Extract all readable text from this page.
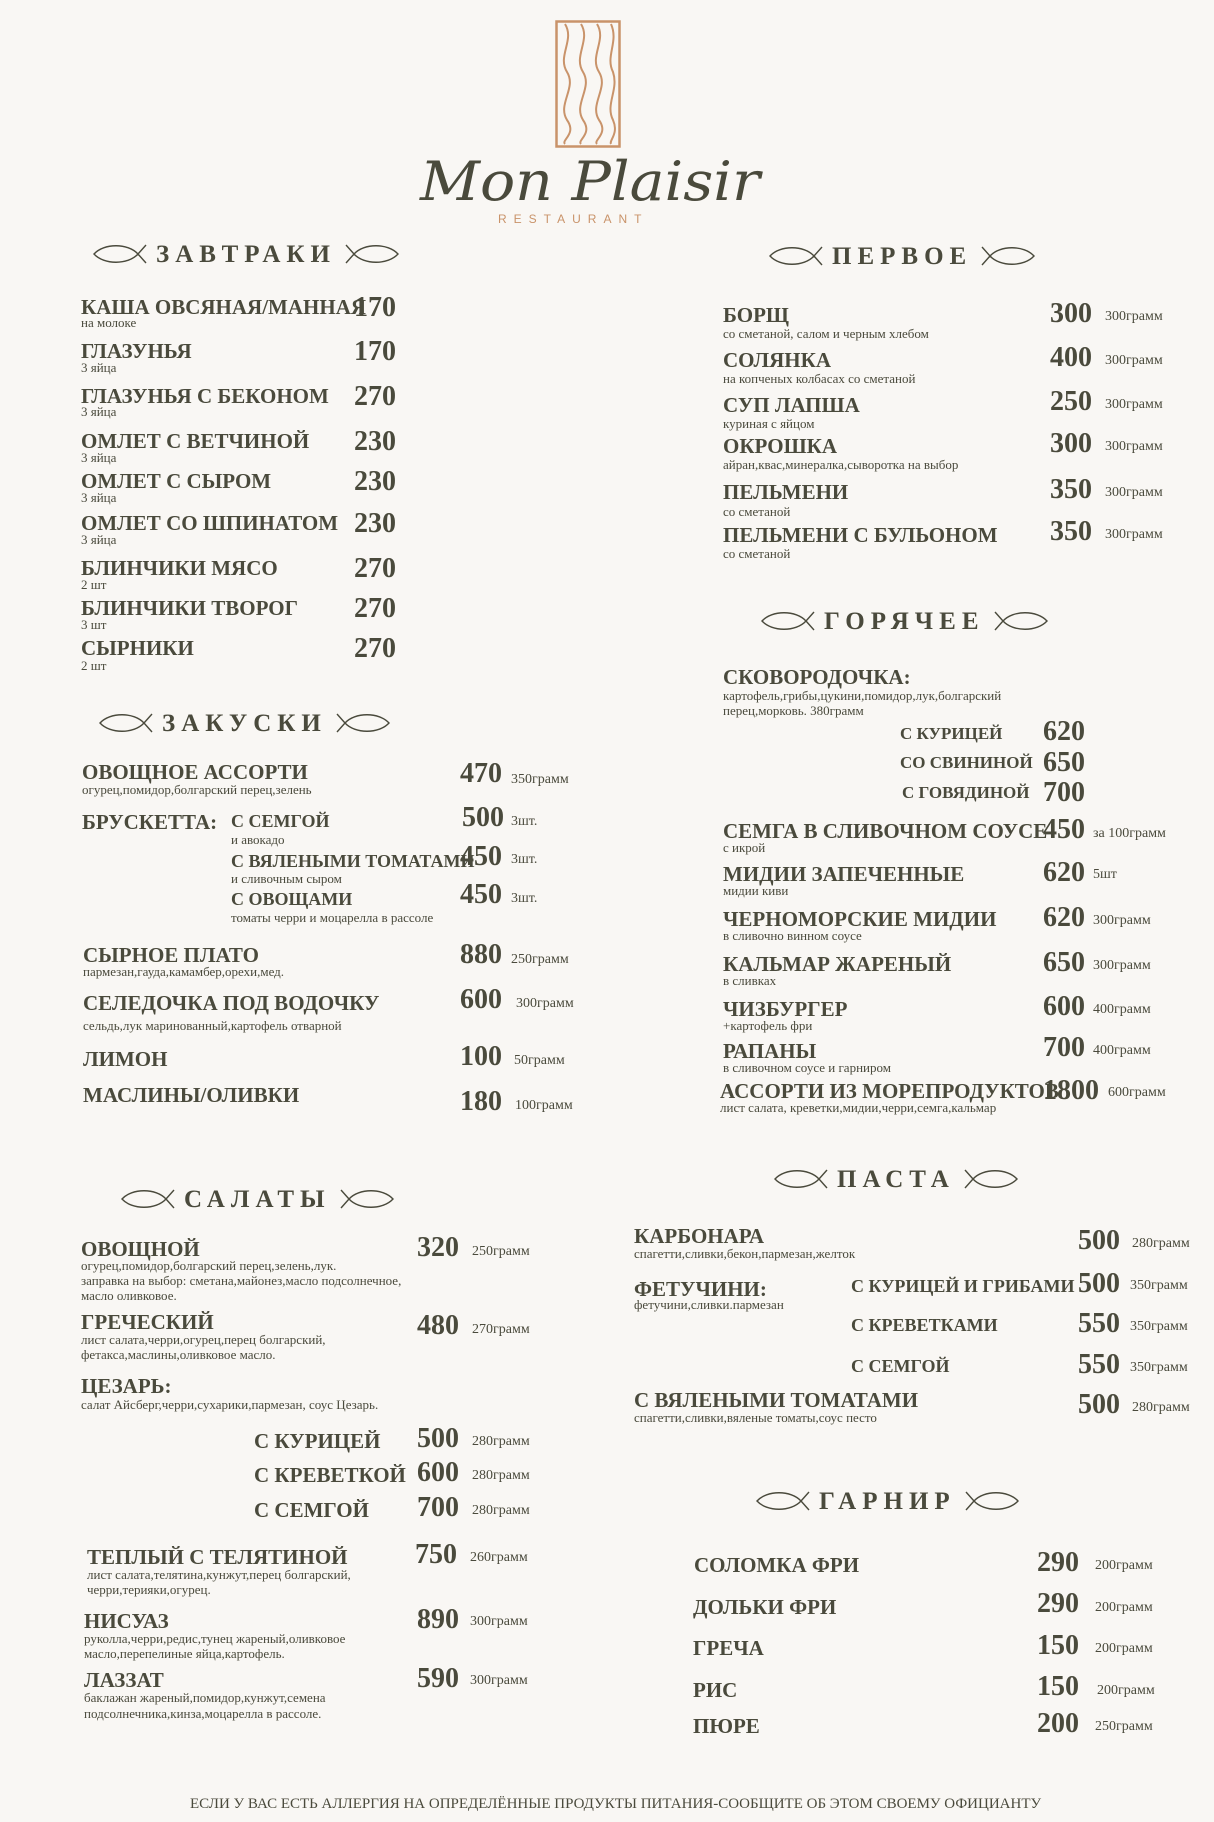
Mon Plaisir
RESTAURANT
ЗАВТРАКИ
ЗАКУСКИ
САЛАТЫ
ПЕРВОЕ
ГОРЯЧЕЕ
ПАСТА
ГАРНИР
КАША ОВСЯНАЯ/МАННАЯ
на молоке	170
ГЛАЗУНЬЯ
3 яйца
170
ГЛАЗУНЬЯ С БЕКОНОМ
3 яйца	270
ОМЛЕТ С ВЕТЧИНОЙ
3 яйца
230
ОМЛЕТ С СЫРОМ
3 яйца
230
ОМЛЕТ СО ШПИНАТОМ
3 яйца
230
БЛИНЧИКИ МЯСО
2 шт
270
БЛИНЧИКИ ТВОРОГ
3 шт
270
СЫРНИКИ
2 шт
270
ОВОЩНОЕ АССОРТИ
огурец,помидор,болгарский перец,зелень
470 350грамм
БРУСКЕТТА: С СЕМГОЙ
и авокадо
500 3шт.
С ВЯЛЕНЫМИ ТОМАТАМИ
и сливочным сыром
450 3шт.
С ОВОЩАМИ
томаты черри и моцарелла в рассоле
450 3шт.
СЫРНОЕ ПЛАТО
пармезан,гауда,камамбер,орехи,мед.
880 250грамм
СЕЛЕДОЧКА ПОД ВОДОЧКУ
сельдь,лук маринованный,картофель отварной
600 300грамм
ЛИМОН	100 50грамм
МАСЛИНЫ/ОЛИВКИ	180 100грамм
ОВОЩНОЙ
огурец,помидор,болгарский перец,зелень,лук.
заправка на выбор: сметана,майонез,масло подсолнечное,
масло оливковое.
320 250грамм
ГРЕЧЕСКИЙ
лист салата,черри,огурец,перец болгарский,
фетакса,маслины,оливковое масло.
480 270грамм
ЦЕЗАРЬ:
салат Айсберг,черри,сухарики,пармезан, соус Цезарь.
С КУРИЦЕЙ 500 280грамм
С КРЕВЕТКОЙ 600 280грамм
С СЕМГОЙ 700 280грамм
ТЕПЛЫЙ С ТЕЛЯТИНОЙ
лист салата,телятина,кунжут,перец болгарский,
черри,терияки,огурец.
750 260грамм
НИСУАЗ
руколла,черри,редис,тунец жареный,оливковое
масло,перепелиные яйца,картофель.
890 300грамм
ЛАЗЗАТ
баклажан жареный,помидор,кунжут,семена
подсолнечника,кинза,моцарелла в рассоле.
590 300грамм
БОРЩ
со сметаной, салом и черным хлебом
300 300грамм
СОЛЯНКА
на копченых колбасах со сметаной
400 300грамм
СУП ЛАПША
куриная с яйцом
250 300грамм
ОКРОШКА
айран,квас,минералка,сыворотка на выбор
300 300грамм
ПЕЛЬМЕНИ
со сметаной
350 300грамм
ПЕЛЬМЕНИ С БУЛЬОНОМ
со сметаной
350 300грамм
СКОВОРОДОЧКА:
картофель,грибы,цукини,помидор,лук,болгарский
перец,морковь. 380грамм
С КУРИЦЕЙ 620
СО СВИНИНОЙ 650
С ГОВЯДИНОЙ 700
СЕМГА В СЛИВОЧНОМ СОУСЕ
с икрой
450 за 100грамм
МИДИИ ЗАПЕЧЕННЫЕ
мидии киви
620 5шт
ЧЕРНОМОРСКИЕ МИДИИ
в сливочно винном соусе
620 300грамм
КАЛЬМАР ЖАРЕНЫЙ
в сливках
650 300грамм
ЧИЗБУРГЕР
+картофель фри
600 400грамм
РАПАНЫ
в сливочном соусе и гарниром
700 400грамм
АССОРТИ ИЗ МОРЕПРОДУКТОВ
лист салата, креветки,мидии,черри,семга,кальмар
1800 600грамм
КАРБОНАРА
спагетти,сливки,бекон,пармезан,желток	500 280грамм
ФЕТУЧИНИ:
фетучини,сливки.пармезан
С КУРИЦЕЙ И ГРИБАМИ 500 350грамм
С КРЕВЕТКАМИ	550 350грамм
С СЕМГОЙ	550 350грамм
С ВЯЛЕНЫМИ ТОМАТАМИ
спагетти,сливки,вяленые томаты,соус песто	500 280грамм
СОЛОМКА ФРИ	290 200грамм
ДОЛЬКИ ФРИ	290 200грамм
ГРЕЧА	150 200грамм
РИС	150 200грамм
ПЮРЕ	200 250грамм
ЕСЛИ У ВАС ЕСТЬ АЛЛЕРГИЯ НА ОПРЕДЕЛЁННЫЕ ПРОДУКТЫ ПИТАНИЯ-СООБЩИТЕ ОБ ЭТОМ СВОЕМУ ОФИЦИАНТУ
